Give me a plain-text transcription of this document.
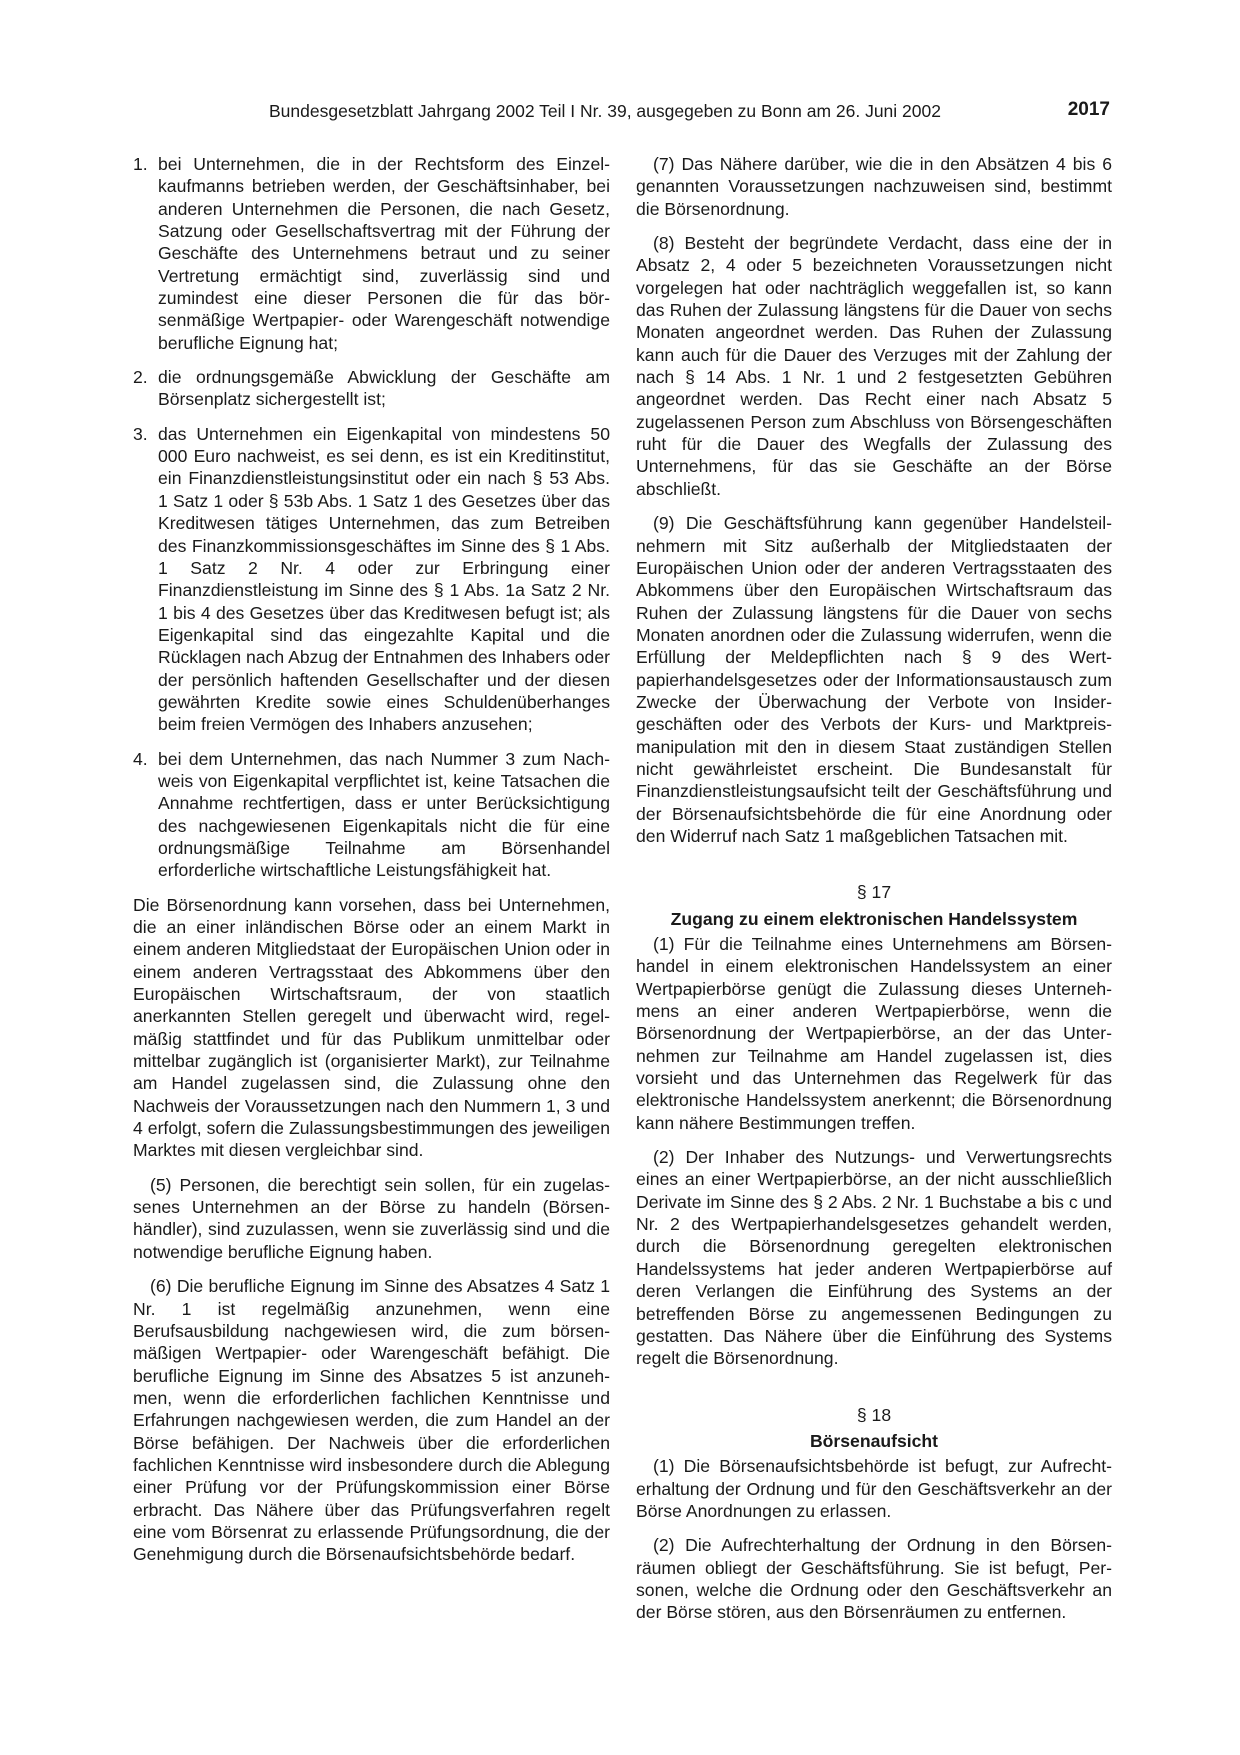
Bundesgesetzblatt Jahrgang 2002 Teil I Nr. 39, ausgegeben zu Bonn am 26. Juni 2002	2017
1. bei Unternehmen, die in der Rechtsform des Einzelkaufmanns betrieben werden, der Geschäftsinhaber, bei anderen Unternehmen die Personen, die nach Gesetz, Satzung oder Gesellschaftsvertrag mit der Führung der Geschäfte des Unternehmens betraut und zu seiner Vertretung ermächtigt sind, zuverlässig sind und zumindest eine dieser Personen die für das börsenmäßige Wertpapier- oder Warengeschäft notwendige berufliche Eignung hat;
2. die ordnungsgemäße Abwicklung der Geschäfte am Börsenplatz sichergestellt ist;
3. das Unternehmen ein Eigenkapital von mindestens 50 000 Euro nachweist, es sei denn, es ist ein Kreditinstitut, ein Finanzdienstleistungsinstitut oder ein nach § 53 Abs. 1 Satz 1 oder § 53b Abs. 1 Satz 1 des Gesetzes über das Kreditwesen tätiges Unternehmen, das zum Betreiben des Finanzkommissionsgeschäftes im Sinne des § 1 Abs. 1 Satz 2 Nr. 4 oder zur Erbringung einer Finanzdienstleistung im Sinne des § 1 Abs. 1a Satz 2 Nr. 1 bis 4 des Gesetzes über das Kreditwesen befugt ist; als Eigenkapital sind das eingezahlte Kapital und die Rücklagen nach Abzug der Entnahmen des Inhabers oder der persönlich haftenden Gesellschafter und der diesen gewährten Kredite sowie eines Schuldenüberhanges beim freien Vermögen des Inhabers anzusehen;
4. bei dem Unternehmen, das nach Nummer 3 zum Nachweis von Eigenkapital verpflichtet ist, keine Tatsachen die Annahme rechtfertigen, dass er unter Berücksichtigung des nachgewiesenen Eigenkapitals nicht die für eine ordnungsmäßige Teilnahme am Börsenhandel erforderliche wirtschaftliche Leistungsfähigkeit hat.

Die Börsenordnung kann vorsehen, dass bei Unternehmen, die an einer inländischen Börse oder an einem Markt in einem anderen Mitgliedstaat der Europäischen Union oder in einem anderen Vertragsstaat des Abkommens über den Europäischen Wirtschaftsraum, der von staatlich anerkannten Stellen geregelt und überwacht wird, regelmäßig stattfindet und für das Publikum unmittelbar oder mittelbar zugänglich ist (organisierter Markt), zur Teilnahme am Handel zugelassen sind, die Zulassung ohne den Nachweis der Voraussetzungen nach den Nummern 1, 3 und 4 erfolgt, sofern die Zulassungsbestimmungen des jeweiligen Marktes mit diesen vergleichbar sind.

(5) Personen, die berechtigt sein sollen, für ein zugelassenes Unternehmen an der Börse zu handeln (Börsenhändler), sind zuzulassen, wenn sie zuverlässig sind und die notwendige berufliche Eignung haben.

(6) Die berufliche Eignung im Sinne des Absatzes 4 Satz 1 Nr. 1 ist regelmäßig anzunehmen, wenn eine Berufsausbildung nachgewiesen wird, die zum börsenmäßigen Wertpapier- oder Warengeschäft befähigt. Die berufliche Eignung im Sinne des Absatzes 5 ist anzunehmen, wenn die erforderlichen fachlichen Kenntnisse und Erfahrungen nachgewiesen werden, die zum Handel an der Börse befähigen. Der Nachweis über die erforderlichen fachlichen Kenntnisse wird insbesondere durch die Ablegung einer Prüfung vor der Prüfungskommission einer Börse erbracht. Das Nähere über das Prüfungsverfahren regelt eine vom Börsenrat zu erlassende Prüfungsordnung, die der Genehmigung durch die Börsenaufsichtsbehörde bedarf.

(7) Das Nähere darüber, wie die in den Absätzen 4 bis 6 genannten Voraussetzungen nachzuweisen sind, bestimmt die Börsenordnung.

(8) Besteht der begründete Verdacht, dass eine der in Absatz 2, 4 oder 5 bezeichneten Voraussetzungen nicht vorgelegen hat oder nachträglich weggefallen ist, so kann das Ruhen der Zulassung längstens für die Dauer von sechs Monaten angeordnet werden. Das Ruhen der Zulassung kann auch für die Dauer des Verzuges mit der Zahlung der nach § 14 Abs. 1 Nr. 1 und 2 festgesetzten Gebühren angeordnet werden. Das Recht einer nach Absatz 5 zugelassenen Person zum Abschluss von Börsengeschäften ruht für die Dauer des Wegfalls der Zulassung des Unternehmens, für das sie Geschäfte an der Börse abschließt.

(9) Die Geschäftsführung kann gegenüber Handelsteilnehmern mit Sitz außerhalb der Mitgliedstaaten der Europäischen Union oder der anderen Vertragsstaaten des Abkommens über den Europäischen Wirtschaftsraum das Ruhen der Zulassung längstens für die Dauer von sechs Monaten anordnen oder die Zulassung widerrufen, wenn die Erfüllung der Meldepflichten nach § 9 des Wertpapierhandelsgesetzes oder der Informationsaustausch zum Zwecke der Überwachung der Verbote von Insidergeschäften oder des Verbots der Kurs- und Marktpreismanipulation mit den in diesem Staat zuständigen Stellen nicht gewährleistet erscheint. Die Bundesanstalt für Finanzdienstleistungsaufsicht teilt der Geschäftsführung und der Börsenaufsichtsbehörde die für eine Anordnung oder den Widerruf nach Satz 1 maßgeblichen Tatsachen mit.

§ 17
Zugang zu einem elektronischen Handelssystem

(1) Für die Teilnahme eines Unternehmens am Börsenhandel in einem elektronischen Handelssystem an einer Wertpapierbörse genügt die Zulassung dieses Unternehmens an einer anderen Wertpapierbörse, wenn die Börsenordnung der Wertpapierbörse, an der das Unternehmen zur Teilnahme am Handel zugelassen ist, dies vorsieht und das Unternehmen das Regelwerk für das elektronische Handelssystem anerkennt; die Börsenordnung kann nähere Bestimmungen treffen.

(2) Der Inhaber des Nutzungs- und Verwertungsrechts eines an einer Wertpapierbörse, an der nicht ausschließlich Derivate im Sinne des § 2 Abs. 2 Nr. 1 Buchstabe a bis c und Nr. 2 des Wertpapierhandelsgesetzes gehandelt werden, durch die Börsenordnung geregelten elektronischen Handelssystems hat jeder anderen Wertpapierbörse auf deren Verlangen die Einführung des Systems an der betreffenden Börse zu angemessenen Bedingungen zu gestatten. Das Nähere über die Einführung des Systems regelt die Börsenordnung.

§ 18
Börsenaufsicht

(1) Die Börsenaufsichtsbehörde ist befugt, zur Aufrechterhaltung der Ordnung und für den Geschäftsverkehr an der Börse Anordnungen zu erlassen.

(2) Die Aufrechterhaltung der Ordnung in den Börsenräumen obliegt der Geschäftsführung. Sie ist befugt, Personen, welche die Ordnung oder den Geschäftsverkehr an der Börse stören, aus den Börsenräumen zu entfernen.
